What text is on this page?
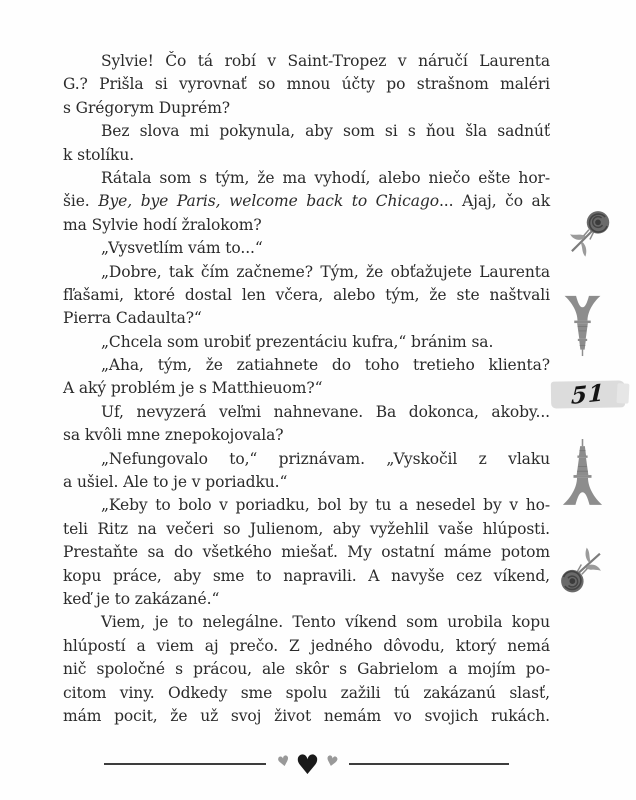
Sylvie! Čo tá robí v Saint-Tropez v náručí Laurenta
G.? Prišla si vyrovnať so mnou účty po strašnom maléri
s Grégorym Duprém?
Bez slova mi pokynula, aby som si s ňou šla sadnúť
k stolíku.
Rátala som s tým, že ma vyhodí, alebo niečo ešte hor-
šie. Bye, bye Paris, welcome back to Chicago... Ajaj, čo ak
ma Sylvie hodí žralokom?
„Vysvetlím vám to...“
„Dobre, tak čím začneme? Tým, že obťažujete Laurenta
fľašami, ktoré dostal len včera, alebo tým, že ste naštvali
Pierra Cadaulta?“
„Chcela som urobiť prezentáciu kufra,“ bránim sa.
„Aha, tým, že zatiahnete do toho tretieho klienta?
A aký problém je s Matthieuom?“
Uf, nevyzerá veľmi nahnevane. Ba dokonca, akoby...
sa kvôli mne znepokojovala?
„Nefungovalo to,“ priznávam. „Vyskočil z vlaku
a ušiel. Ale to je v poriadku.“
„Keby to bolo v poriadku, bol by tu a nesedel by v ho-
teli Ritz na večeri so Julienom, aby vyžehlil vaše hlúposti.
Prestaňte sa do všetkého miešať. My ostatní máme potom
kopu práce, aby sme to napravili. A navyše cez víkend,
keď je to zakázané.“
Viem, je to nelegálne. Tento víkend som urobila kopu
hlúpostí a viem aj prečo. Z jedného dôvodu, ktorý nemá
nič spoločné s prácou, ale skôr s Gabrielom a mojím po-
citom viny. Odkedy sme spolu zažili tú zakázanú slasť,
mám pocit, že už svoj život nemám vo svojich rukách.
51
♥ ♥ ♥
